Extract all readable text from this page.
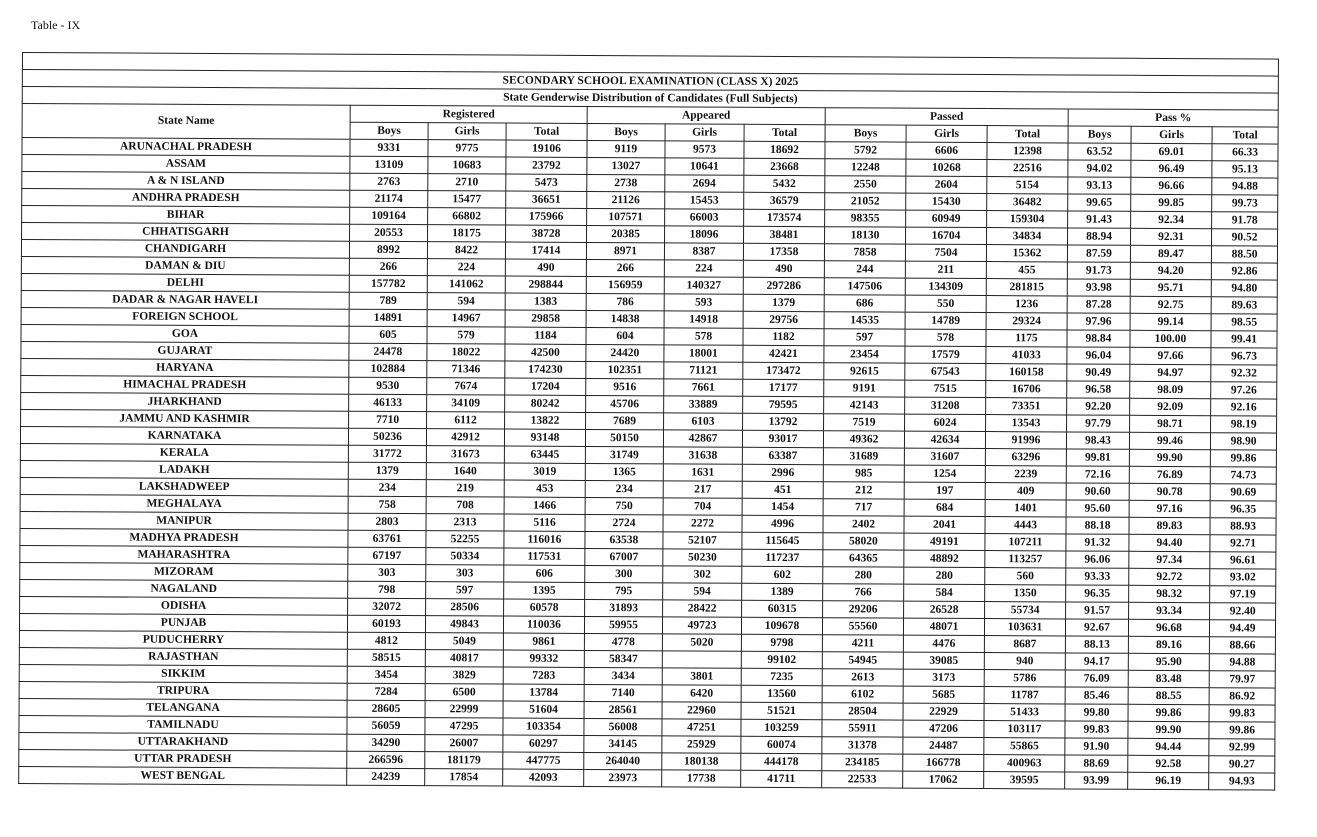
Table - IX

SECONDARY SCHOOL EXAMINATION (CLASS X) 2025												
State Genderwise Distribution of Candidates (Full Subjects)												
State Name	Registered			Appeared			Passed			Pass %		
	Boys	Girls	Total	Boys	Girls	Total	Boys	Girls	Total	Boys	Girls	Total
ARUNACHAL PRADESH	9331	9775	19106	9119	9573	18692	5792	6606	12398	63.52	69.01	66.33
ASSAM	13109	10683	23792	13027	10641	23668	12248	10268	22516	94.02	96.49	95.13
A & N ISLAND	2763	2710	5473	2738	2694	5432	2550	2604	5154	93.13	96.66	94.88
ANDHRA PRADESH	21174	15477	36651	21126	15453	36579	21052	15430	36482	99.65	99.85	99.73
BIHAR	109164	66802	175966	107571	66003	173574	98355	60949	159304	91.43	92.34	91.78
CHHATISGARH	20553	18175	38728	20385	18096	38481	18130	16704	34834	88.94	92.31	90.52
CHANDIGARH	8992	8422	17414	8971	8387	17358	7858	7504	15362	87.59	89.47	88.50
DAMAN & DIU	266	224	490	266	224	490	244	211	455	91.73	94.20	92.86
DELHI	157782	141062	298844	156959	140327	297286	147506	134309	281815	93.98	95.71	94.80
DADAR & NAGAR HAVELI	789	594	1383	786	593	1379	686	550	1236	87.28	92.75	89.63
FOREIGN SCHOOL	14891	14967	29858	14838	14918	29756	14535	14789	29324	97.96	99.14	98.55
GOA	605	579	1184	604	578	1182	597	578	1175	98.84	100.00	99.41
GUJARAT	24478	18022	42500	24420	18001	42421	23454	17579	41033	96.04	97.66	96.73
HARYANA	102884	71346	174230	102351	71121	173472	92615	67543	160158	90.49	94.97	92.32
HIMACHAL PRADESH	9530	7674	17204	9516	7661	17177	9191	7515	16706	96.58	98.09	97.26
JHARKHAND	46133	34109	80242	45706	33889	79595	42143	31208	73351	92.20	92.09	92.16
JAMMU AND KASHMIR	7710	6112	13822	7689	6103	13792	7519	6024	13543	97.79	98.71	98.19
KARNATAKA	50236	42912	93148	50150	42867	93017	49362	42634	91996	98.43	99.46	98.90
KERALA	31772	31673	63445	31749	31638	63387	31689	31607	63296	99.81	99.90	99.86
LADAKH	1379	1640	3019	1365	1631	2996	985	1254	2239	72.16	76.89	74.73
LAKSHADWEEP	234	219	453	234	217	451	212	197	409	90.60	90.78	90.69
MEGHALAYA	758	708	1466	750	704	1454	717	684	1401	95.60	97.16	96.35
MANIPUR	2803	2313	5116	2724	2272	4996	2402	2041	4443	88.18	89.83	88.93
MADHYA PRADESH	63761	52255	116016	63538	52107	115645	58020	49191	107211	91.32	94.40	92.71
MAHARASHTRA	67197	50334	117531	67007	50230	117237	64365	48892	113257	96.06	97.34	96.61
MIZORAM	303	303	606	300	302	602	280	280	560	93.33	92.72	93.02
NAGALAND	798	597	1395	795	594	1389	766	584	1350	96.35	98.32	97.19
ODISHA	32072	28506	60578	31893	28422	60315	29206	26528	55734	91.57	93.34	92.40
PUNJAB	60193	49843	110036	59955	49723	109678	55560	48071	103631	92.67	96.68	94.49
PUDUCHERRY	4812	5049	9861	4778	5020	9798	4211	4476	8687	88.13	89.16	88.66
RAJASTHAN	58515	40817	99332	58347		99102	54945	39085	940	94.17	95.90	94.88
SIKKIM	3454	3829	7283	3434	3801	7235	2613	3173	5786	76.09	83.48	79.97
TRIPURA	7284	6500	13784	7140	6420	13560	6102	5685	11787	85.46	88.55	86.92
TELANGANA	28605	22999	51604	28561	22960	51521	28504	22929	51433	99.80	99.86	99.83
TAMILNADU	56059	47295	103354	56008	47251	103259	55911	47206	103117	99.83	99.90	99.86
UTTARAKHAND	34290	26007	60297	34145	25929	60074	31378	24487	55865	91.90	94.44	92.99
UTTAR PRADESH	266596	181179	447775	264040	180138	444178	234185	166778	400963	88.69	92.58	90.27
WEST BENGAL	24239	17854	42093	23973	17738	41711	22533	17062	39595	93.99	96.19	94.93
